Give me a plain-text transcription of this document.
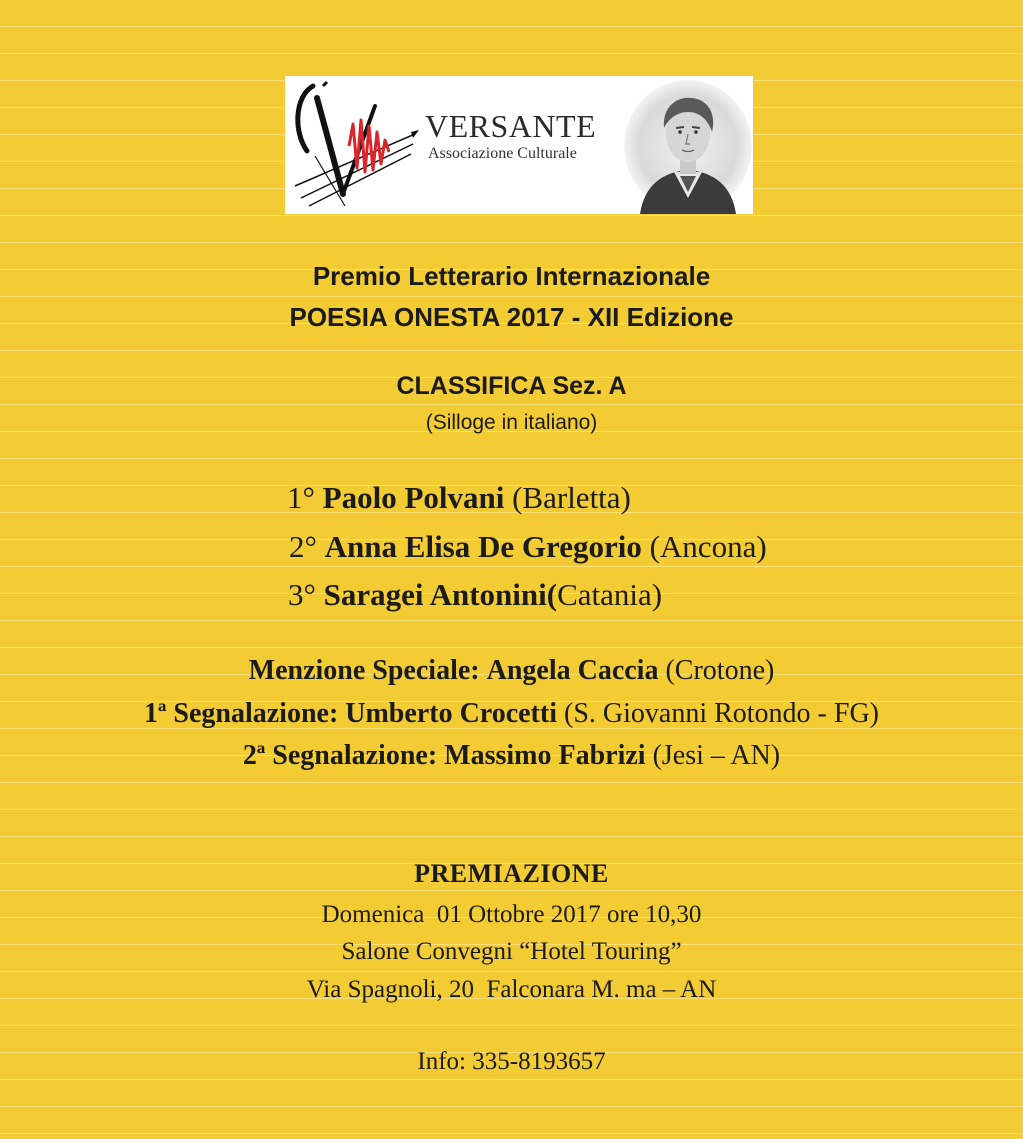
VERSANTE
Associazione Culturale
Premio Letterario Internazionale
POESIA ONESTA 2017 - XII Edizione
CLASSIFICA Sez. A
(Silloge in italiano)
1° Paolo Polvani (Barletta)
2° Anna Elisa De Gregorio (Ancona)
3° Saragei Antonini(Catania)
Menzione Speciale: Angela Caccia (Crotone)
1ª Segnalazione: Umberto Crocetti (S. Giovanni Rotondo - FG)
2ª Segnalazione: Massimo Fabrizi (Jesi – AN)
PREMIAZIONE
Domenica  01 Ottobre 2017 ore 10,30
Salone Convegni “Hotel Touring”
Via Spagnoli, 20  Falconara M. ma – AN
Info: 335-8193657
